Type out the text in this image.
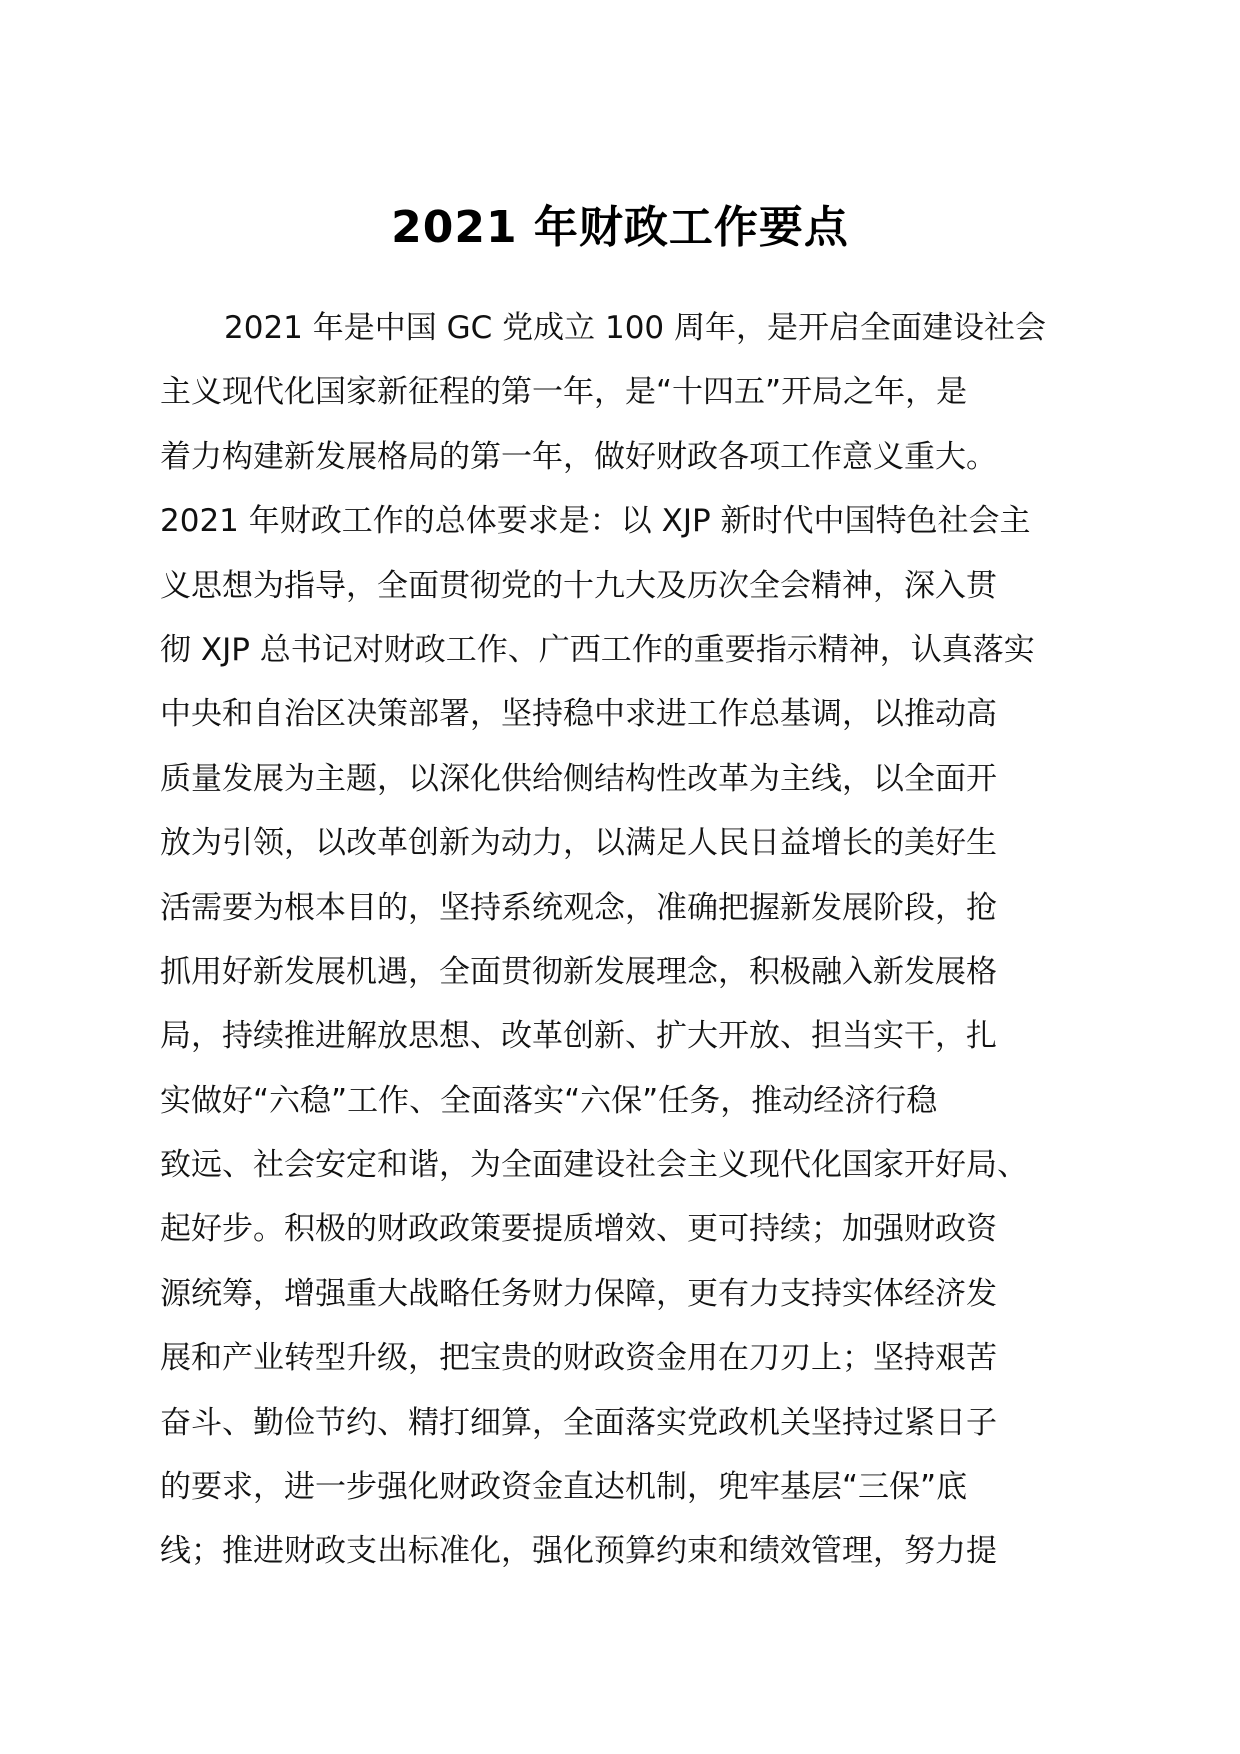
2021 年财政工作要点
2021 年是中国 GC 党成立 100 周年，是开启全面建设社会
主义现代化国家新征程的第一年，是“十四五”开局之年，是
着力构建新发展格局的第一年，做好财政各项工作意义重大。
2021 年财政工作的总体要求是：以 XJP 新时代中国特色社会主
义思想为指导，全面贯彻党的十九大及历次全会精神，深入贯
彻 XJP 总书记对财政工作、广西工作的重要指示精神，认真落实
中央和自治区决策部署，坚持稳中求进工作总基调，以推动高
质量发展为主题，以深化供给侧结构性改革为主线，以全面开
放为引领，以改革创新为动力，以满足人民日益增长的美好生
活需要为根本目的，坚持系统观念，准确把握新发展阶段，抢
抓用好新发展机遇，全面贯彻新发展理念，积极融入新发展格
局，持续推进解放思想、改革创新、扩大开放、担当实干，扎
实做好“六稳”工作、全面落实“六保”任务，推动经济行稳
致远、社会安定和谐，为全面建设社会主义现代化国家开好局、
起好步。积极的财政政策要提质增效、更可持续；加强财政资
源统筹，增强重大战略任务财力保障，更有力支持实体经济发
展和产业转型升级，把宝贵的财政资金用在刀刃上；坚持艰苦
奋斗、勤俭节约、精打细算，全面落实党政机关坚持过紧日子
的要求，进一步强化财政资金直达机制，兜牢基层“三保”底
线；推进财政支出标准化，强化预算约束和绩效管理，努力提
